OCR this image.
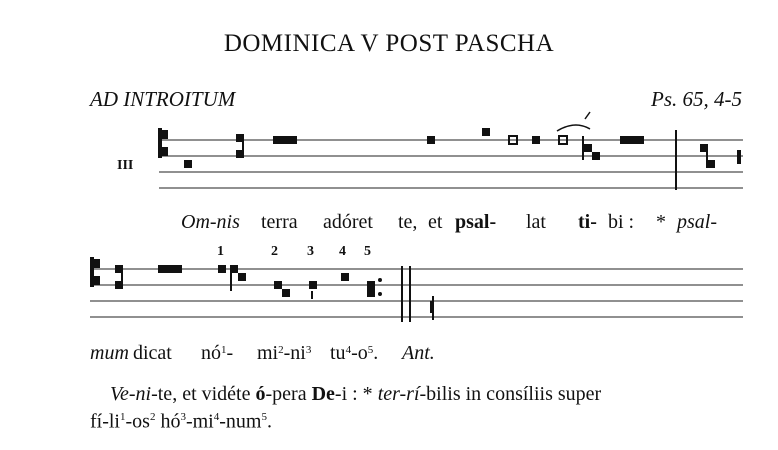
DOMINICA V POST PASCHA
AD INTROITUM	Ps. 65, 4-5
III
1	2 3 4 5
Om-nis terra adóret te, et psal- lat ti- bi : * psal-
mum dicat $nó^1-$ $mi^2-ni^3$ $tu^4-o^5$. Ant.
Ve-ni-te, et vidéte ó-pera De-i : * ter-rí-bilis in consíliis super
$fí-li^1-os^2$ $hó^3-mi^4-num^5$.
